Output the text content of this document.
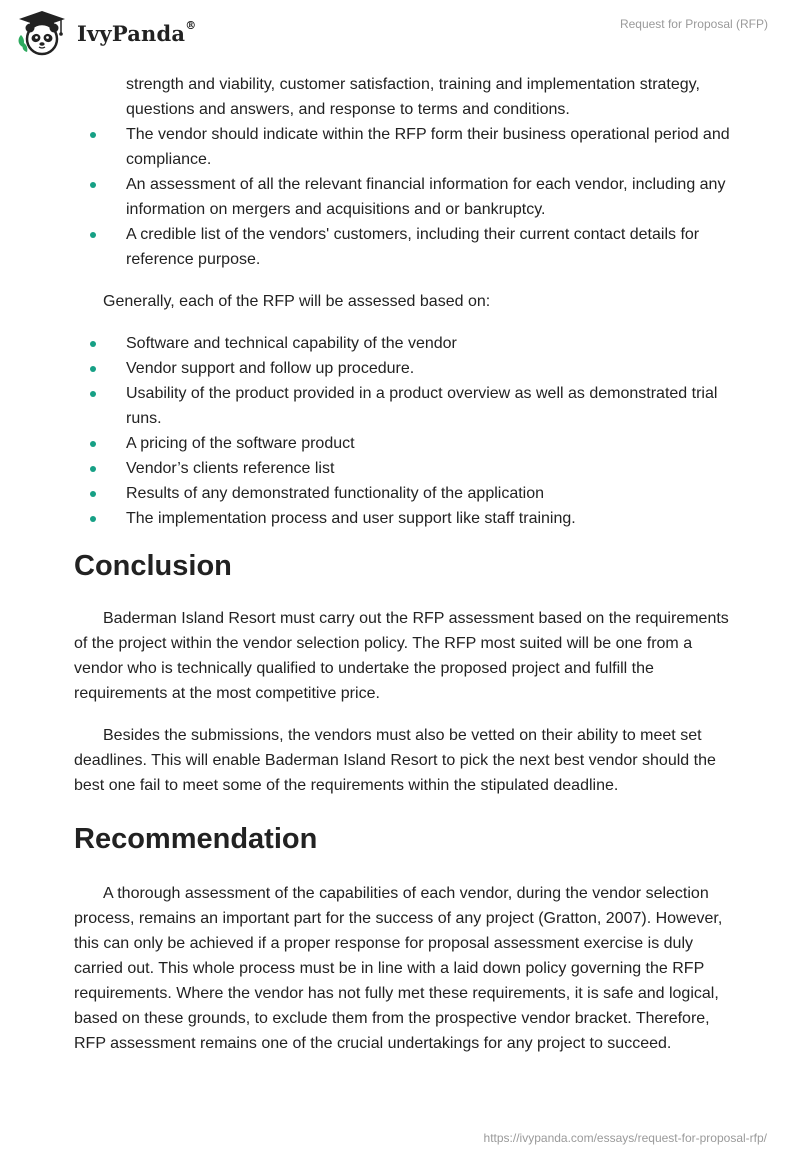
IvyPanda®	Request for Proposal (RFP)

strength and viability, customer satisfaction, training and implementation strategy, questions and answers, and response to terms and conditions.

The vendor should indicate within the RFP form their business operational period and compliance.
An assessment of all the relevant financial information for each vendor, including any information on mergers and acquisitions and or bankruptcy.
A credible list of the vendors' customers, including their current contact details for reference purpose.

Generally, each of the RFP will be assessed based on:

Software and technical capability of the vendor
Vendor support and follow up procedure.
Usability of the product provided in a product overview as well as demonstrated trial runs.
A pricing of the software product
Vendor’s clients reference list
Results of any demonstrated functionality of the application
The implementation process and user support like staff training.
Conclusion

Baderman Island Resort must carry out the RFP assessment based on the requirements of the project within the vendor selection policy. The RFP most suited will be one from a vendor who is technically qualified to undertake the proposed project and fulfill the requirements at the most competitive price.

Besides the submissions, the vendors must also be vetted on their ability to meet set deadlines. This will enable Baderman Island Resort to pick the next best vendor should the best one fail to meet some of the requirements within the stipulated deadline.

Recommendation

A thorough assessment of the capabilities of each vendor, during the vendor selection process, remains an important part for the success of any project (Gratton, 2007). However, this can only be achieved if a proper response for proposal assessment exercise is duly carried out. This whole process must be in line with a laid down policy governing the RFP requirements. Where the vendor has not fully met these requirements, it is safe and logical, based on these grounds, to exclude them from the prospective vendor bracket. Therefore, RFP assessment remains one of the crucial undertakings for any project to succeed.

https://ivypanda.com/essays/request-for-proposal-rfp/
